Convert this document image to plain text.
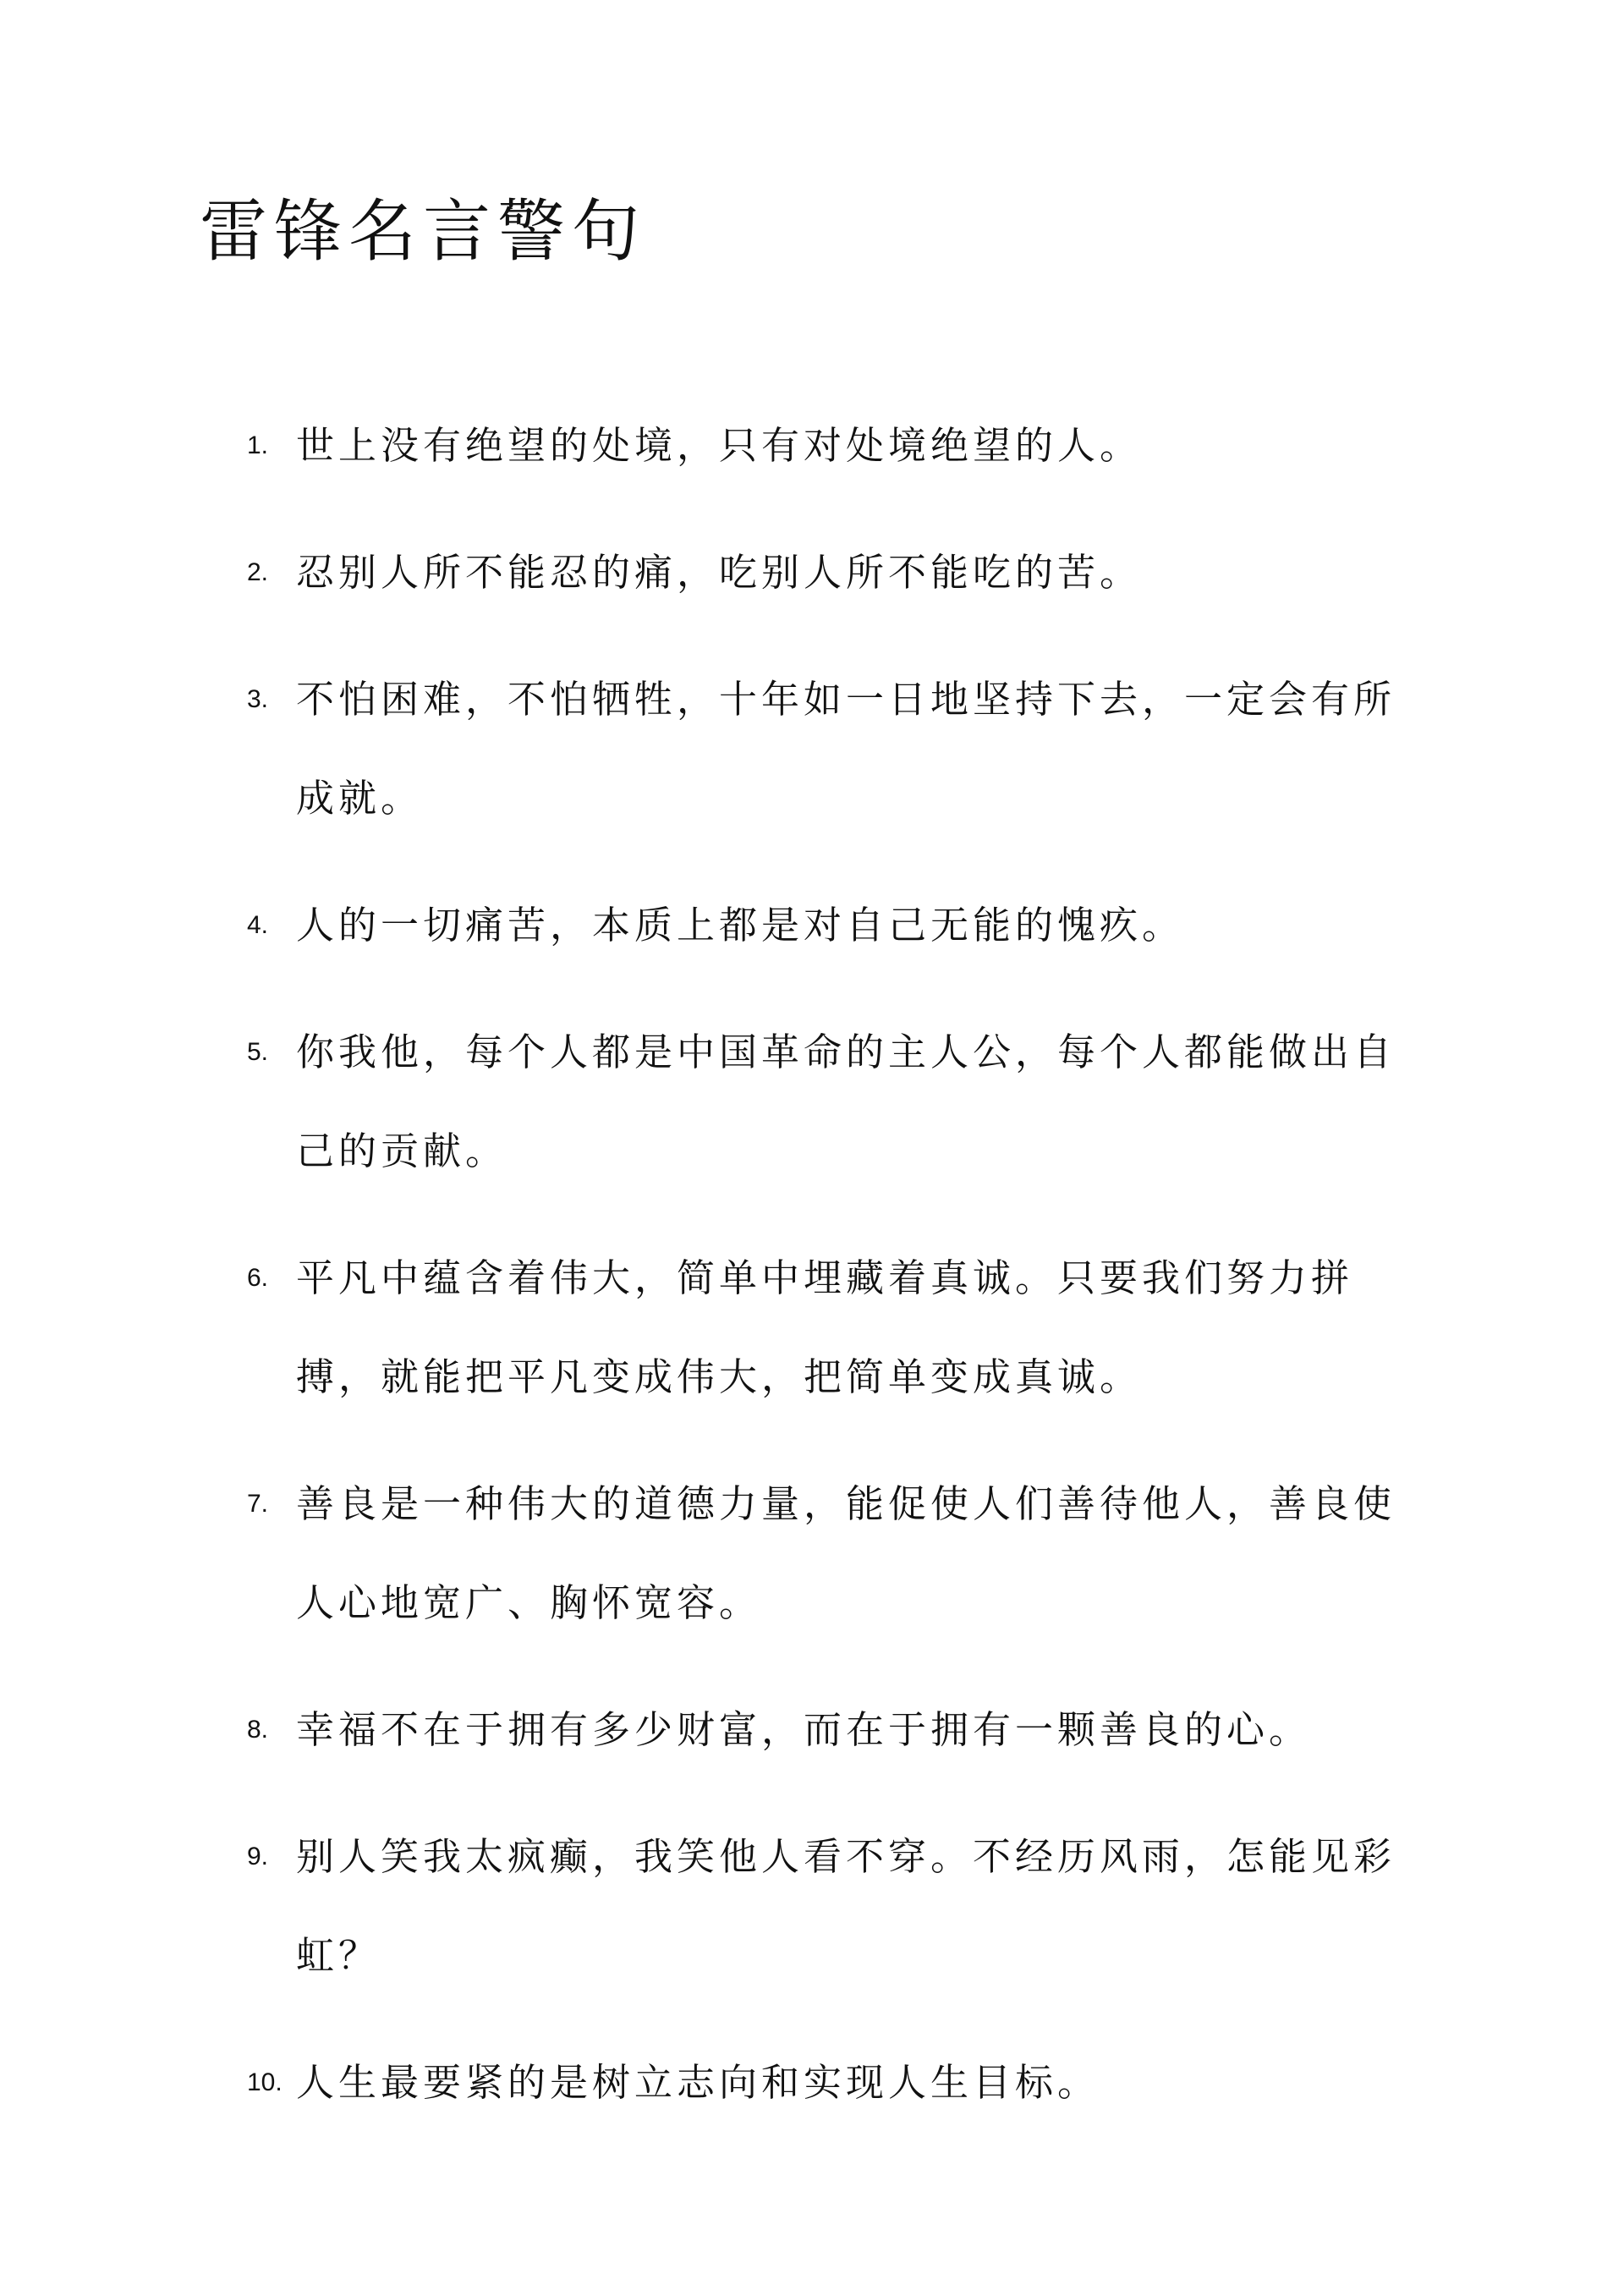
雷锋名言警句
1. 世上没有绝望的处境，只有对处境绝望的人。
2. 忍别人所不能忍的痛，吃别人所不能吃的苦。
3. 不怕困难，不怕牺牲，十年如一日地坚持下去，一定会有所成就。
4. 人的一切痛苦，本质上都是对自己无能的愧疚。
5. 你我他，每个人都是中国革命的主人公，每个人都能做出自己的贡献。
6. 平凡中蕴含着伟大，简单中埋藏着真诚。只要我们努力拼搏，就能把平凡变成伟大，把简单变成真诚。
7. 善良是一种伟大的道德力量，能促使人们善待他人，善良使人心地宽广、胸怀宽容。
8. 幸福不在于拥有多少财富，而在于拥有一颗善良的心。
9. 别人笑我太疯癫，我笑他人看不穿。不经历风雨，怎能见彩虹？
10. 人生最要紧的是树立志向和实现人生目标。
